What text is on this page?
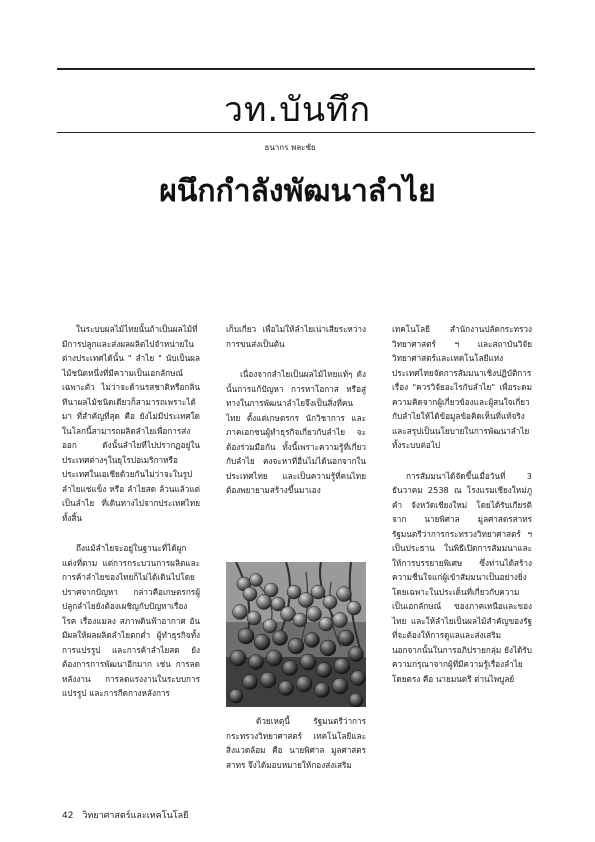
วท.บันทึก
ธนากร พละชัย
ผนึกกำลังพัฒนาลำไย

ในระบบผลไม้ไทยนั้นถ้าเป็นผลไม้ที่มีการปลูกและส่งผลผลิตไปจำหน่ายในต่างประเทศได้นั้น " ลำไย " นับเป็นผลไม้ชนิดหนึ่งที่มีความเป็นเอกลักษณ์เฉพาะตัว ไม่ว่าจะด้านรสชาติหรือกลิ่น ทีนาผลไม้ชนิดเดียวก็สามารถเพราะได้มา ที่สำคัญที่สุด คือ ยังไม่มีประเทศใดในโลกนี้สามารถผลิตลำไยเพื่อการส่งออก ดังนั้นลำไยที่ไปปรากฏอยู่ในประเทศต่างๆในยุโรปอเมริกาหรือประเทศในเอเชียด้วยกันไม่ว่าจะในรูปลำไยแช่แข็ง หรือ ลำไยสด ล้วนแล้วแต่เป็นลำไย ที่เดินทางไปจากประเทศไทยทั้งสิ้น

ถึงแม้ลำไยจะอยู่ในฐานะที่ได้ผูกแต่งที่ตาม แต่การกระบวนการผลิตและการค้าลำไยของไทยก็ไม่ได้เดินไปโดยปราศจากปัญหา กล่าวคือเกษตรกรผู้ปลูกลำไยยังต้องเผชิญกับปัญหาเรื่องโรค เรื่องแมลง สภาพดินฟ้าอากาศ อันมีผลให้ผลผลิตลำไยตกต่ำ ผู้ทำธุรกิจทั้งการแปรรูป และการค้าลำไยสด ยังต้องการการพัฒนาอีกมาก เช่น การลดหลังงาน การลดแรงงานในระบบการแปรรูป และการกีดกางหลังการ

เก็บเกี่ยว เพื่อไม่ให้ลำไยเน่าเสียระหว่างการขนส่งเป็นต้น

เนื่องจากลำไยเป็นผลไม้ไทยแท้ๆ ดังนั้นการแก้ปัญหา การหาโอกาส หรือสู่ทางในการพัฒนาลำไยจึงเป็นสิ่งที่คนไทย ตั้งแต่เกษตรกร นักวิชาการ และภาคเอกชนผู้ทำธุรกิจเกี่ยวกับลำไย จะต้องร่วมมือกัน ทั้งนี้เพราะความรู้ที่เกี่ยวกับลำไย คงจะหาที่อื่นไม่ได้นอกจากในประเทศไทย และเป็นความรู้ที่คนไทย ต้องพยายามสร้างขึ้นมาเอง

ด้วยเหตุนี้ รัฐมนตรีว่าการกระทรวงวิทยาศาสตร์ เทคโนโลยีและสิ่งแวดล้อม คือ นายพิศาล มูลศาสตรสาทร จึงได้มอบหมายให้กองส่งเสริม

เทคโนโลยี สำนักงานปลัดกระทรวงวิทยาศาสตร์ ฯ และสถาบันวิจัยวิทยาศาสตร์และเทคโนโลยีแห่งประเทศไทยจัดการสัมมนาเชิงปฏิบัติการ เรื่อง "ควรวิจัยอะไรกับลำไย" เพื่อระดมความคิดจากผู้เกี่ยวข้องและผู้สนใจเกี่ยวกับลำไยให้ได้ข้อมูลข้อคิดเห็นที่แท้จริง และสรุปเป็นนโยบายในการพัฒนาลำไย ทั้งระบบต่อไป

การสัมมนาได้จัดขึ้นเมื่อวันที่ 3 ธันวาคม 2538 ณ โรงแรมเชียงใหม่ภูคำ จังหวัดเชียงใหม่ โดยได้รับเกียรติจาก นายพิศาล มูลศาสตรสาทร รัฐมนตรีว่าการกระทรวงวิทยาศาสตร์ ฯ เป็นประธาน ในพิธีเปิดการสัมมนาและให้การบรรยายพิเศษ ซึ่งท่านได้สร้างความชื่นใจแก่ผู้เข้าสัมมนาเป็นอย่างยิ่ง โดยเฉพาะในประเด็นที่เกี่ยวกับความเป็นเอกลักษณ์ ของภาคเหนือและของไทย และให้ลำไยเป็นผลไม้สำคัญของรัฐ ที่จะต้องให้การดูแลและส่งเสริม นอกจากนั้นในการอภิปรายกลุ่ม ยังได้รับความกรุณาจากผู้ที่มีความรู้เรื่องลำไยโดยตรง คือ นายมนตรี ต่านไพบูลย์

42 วิทยาศาสตร์และเทคโนโลยี
